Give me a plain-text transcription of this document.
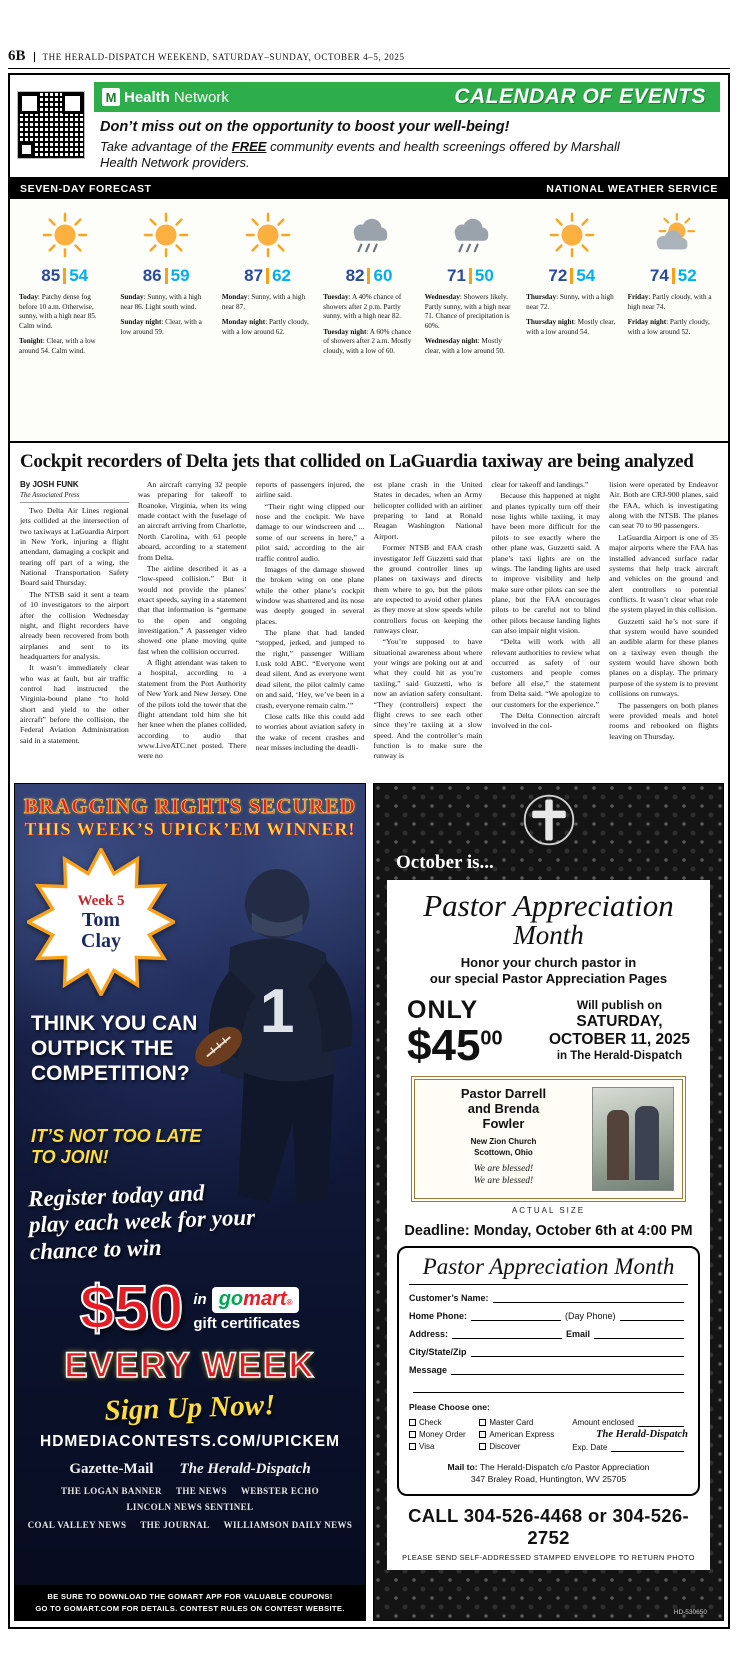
6B	THE HERALD-DISPATCH WEEKEND, SATURDAY–SUNDAY, OCTOBER 4–5, 2025
M Health Network	CALENDAR OF EVENTS
Don’t miss out on the opportunity to boost your well-being!
Take advantage of the FREE community events and health screenings offered by Marshall Health Network providers.
SEVEN-DAY FORECAST	NATIONAL WEATHER SERVICE
85 54

Today: Patchy dense fog before 10 a.m. Otherwise, sunny, with a high near 85. Calm wind.

Tonight: Clear, with a low around 54. Calm wind.

86 59

Sunday: Sunny, with a high near 86. Light south wind.

Sunday night: Clear, with a low around 59.

87 62

Monday: Sunny, with a high near 87.

Monday night: Partly cloudy, with a low around 62.

82 60

Tuesday: A 40% chance of showers after 2 p.m. Partly sunny, with a high near 82.

Tuesday night: A 60% chance of showers after 2 a.m. Mostly cloudy, with a low of 60.

71 50

Wednesday: Showers likely. Partly sunny, with a high near 71. Chance of precipitation is 60%.

Wednesday night: Mostly clear, with a low around 50.

72 54

Thursday: Sunny, with a high near 72.

Thursday night: Mostly clear, with a low around 54.

74 52

Friday: Partly cloudy, with a high near 74.

Friday night: Partly cloudy, with a low around 52.

Cockpit recorders of Delta jets that collided on LaGuardia taxiway are being analyzed
By JOSH FUNK
The Associated Press

Two Delta Air Lines regional jets collided at the intersection of two taxiways at LaGuardia Airport in New York, injuring a flight attendant, damaging a cockpit and tearing off part of a wing, the National Transportation Safety Board said Thursday.

The NTSB said it sent a team of 10 investigators to the airport after the collision Wednesday night, and flight recorders have already been recovered from both airplanes and sent to its headquarters for analysis.

It wasn’t immediately clear who was at fault, but air traffic control had instructed the Virginia-bound plane “to hold short and yield to the other aircraft” before the collision, the Federal Aviation Administration said in a statement.

An aircraft carrying 32 people was preparing for takeoff to Roanoke, Virginia, when its wing made contact with the fuselage of an aircraft arriving from Charlotte, North Carolina, with 61 people aboard, according to a statement from Delta.

The airline described it as a “low-speed collision.” But it would not provide the planes’ exact speeds, saying in a statement that that information is “germane to the open and ongoing investigation.” A passenger video showed one plane moving quite fast when the collision occurred.

A flight attendant was taken to a hospital, according to a statement from the Port Authority of New York and New Jersey. One of the pilots told the tower that the flight attendant told him she hit her knee when the planes collided, according to audio that www.LiveATC.net posted. There were no

reports of passengers injured, the airline said.

“Their right wing clipped our nose and the cockpit. We have damage to our windscreen and ... some of our screens in here,” a pilot said, according to the air traffic control audio.

Images of the damage showed the broken wing on one plane while the other plane’s cockpit window was shattered and its nose was deeply gouged in several places.

The plane that had landed “stopped, jerked, and jumped to the right,” passenger William Lusk told ABC. “Everyone went dead silent. And as everyone went dead silent, the pilot calmly came on and said, ‘Hey, we’ve been in a crash, everyone remain calm.’”

Close calls like this could add to worries about aviation safety in the wake of recent crashes and near misses including the deadli-

est plane crash in the United States in decades, when an Army helicopter collided with an airliner preparing to land at Ronald Reagan Washington National Airport.

Former NTSB and FAA crash investigator Jeff Guzzetti said that the ground controller lines up planes on taxiways and directs them where to go, but the pilots are expected to avoid other planes as they move at slow speeds while controllers focus on keeping the runways clear.

“You’re supposed to have situational awareness about where your wings are poking out at and what they could hit as you’re taxiing,” said Guzzetti, who is now an aviation safety consultant. “They (controllers) expect the flight crews to see each other since they’re taxiing at a slow speed. And the controller’s main function is to make sure the runway is

clear for takeoff and landings.”

Because this happened at night and planes typically turn off their nose lights while taxiing, it may have been more difficult for the pilots to see exactly where the other plane was, Guzzetti said. A plane’s taxi lights are on the wings. The landing lights are used to improve visibility and help make sure other pilots can see the plane, but the FAA encourages pilots to be careful not to blind other pilots because landing lights can also impair night vision.

“Delta will work with all relevant authorities to review what occurred as safety of our customers and people comes before all else,” the statement from Delta said. “We apologize to our customers for the experience.”

The Delta Connection aircraft involved in the col-

lision were operated by Endeavor Air. Both are CRJ-900 planes, said the FAA, which is investigating along with the NTSB. The planes can seat 70 to 90 passengers.

LaGuardia Airport is one of 35 major airports where the FAA has installed advanced surface radar systems that help track aircraft and vehicles on the ground and alert controllers to potential conflicts. It wasn’t clear what role the system played in this collision.

Guzzetti said he’s not sure if that system would have sounded an audible alarm for these planes on a taxiway even though the system would have shown both planes on a display. The primary purpose of the system is to prevent collisions on runways.

The passengers on both planes were provided meals and hotel rooms and rebooked on flights leaving on Thursday.

BRAGGING RIGHTS SECURED
THIS WEEK’S UPICK’EM WINNER!
Week 5
Tom
Clay
1
THINK YOU CAN OUTPICK THE COMPETITION?
IT’S NOT TOO LATE TO JOIN!
Register today and
play each week for your
chance to win
$50 in go mart ®
gift certificates
EVERY WEEK
Sign Up Now!
HDMEDIACONTESTS.COM/UPICKEM
Gazette-Mail The Herald-Dispatch
THE LOGAN BANNER THE NEWS WEBSTER ECHO
LINCOLN NEWS SENTINEL
COAL VALLEY NEWS THE JOURNAL WILLIAMSON DAILY NEWS
BE SURE TO DOWNLOAD THE GOMART APP FOR VALUABLE COUPONS!
GO TO GOMART.COM FOR DETAILS. CONTEST RULES ON CONTEST WEBSITE.
October is...
Pastor Appreciation
Month
Honor your church pastor in
our special Pastor Appreciation Pages
ONLY
$\$45^{00}$
Will publish on
SATURDAY,
OCTOBER 11, 2025
in The Herald-Dispatch
Pastor Darrell
and Brenda
Fowler
New Zion Church
Scottown, Ohio
We are blessed!
We are blessed!
ACTUAL SIZE
Deadline: Monday, October 6th at 4:00 PM
Pastor Appreciation Month
Customer’s Name:
Home Phone:	(Day Phone)
Address:	Email
City/State/Zip
Message
Please Choose one:
Check
Money Order
Visa
Master Card
American Express
Discover
Amount enclosed
The Herald-Dispatch
Exp. Date
Mail to: The Herald-Dispatch c/o Pastor Appreciation
347 Braley Road, Huntington, WV 25705
CALL 304-526-4468 or 304-526-2752
PLEASE SEND SELF-ADDRESSED STAMPED ENVELOPE TO RETURN PHOTO
HD-530650
